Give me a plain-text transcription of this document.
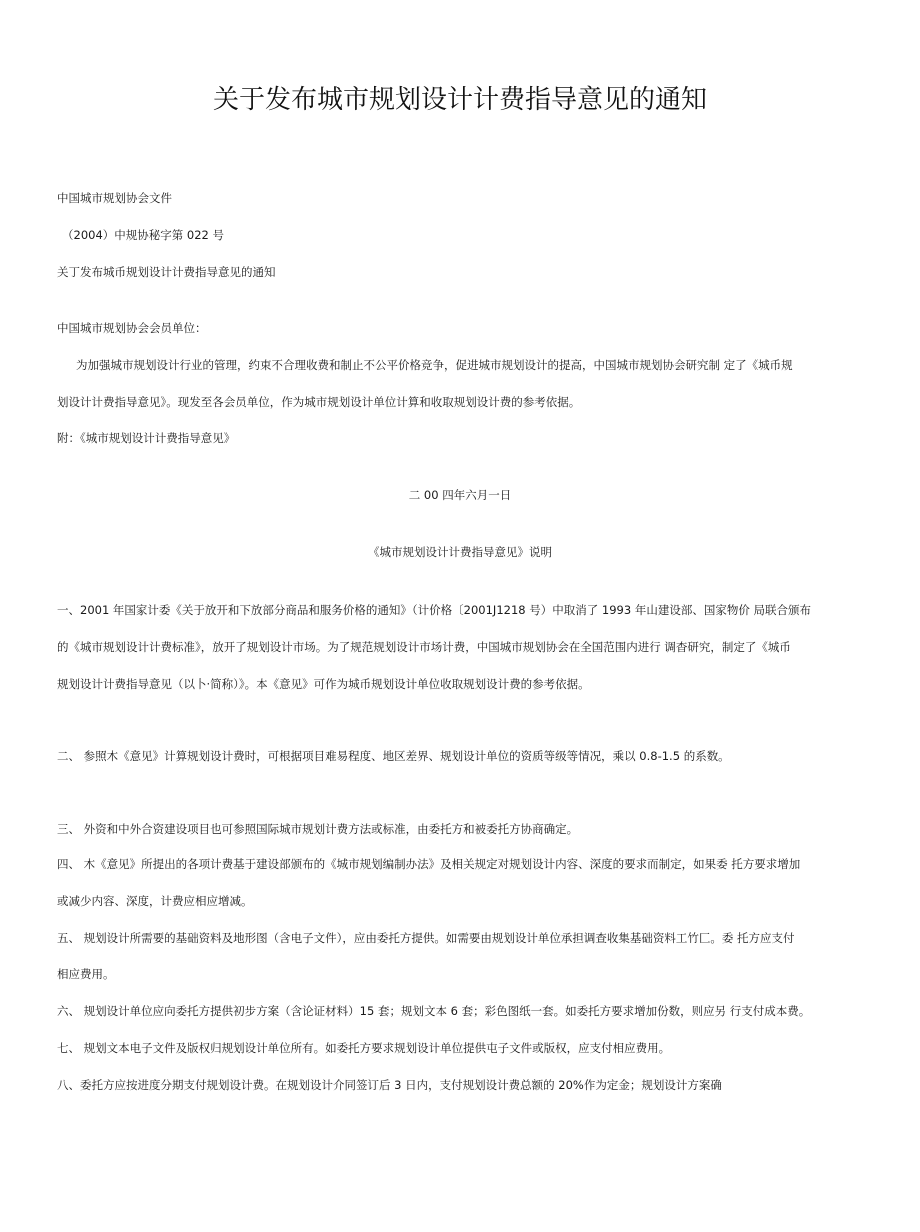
关于发布城市规划设计计费指导意见的通知
中国城市规划协会文件
（2004）中规协秘字第 022 号
关丁发布城币规划设计计费指导意见的通知
中国城市规划协会会员单位：
为加强城市规划设计行业的管理，约束不合理收费和制止不公平价格竞争，促进城市规划设计的提高，中国城市规划协会研究制 定了《城币规
划设计计费指导意见》。现发至各会员单位，作为城市规划设计单位计算和收取规划设计费的参考依据。
附：《城市规划设计计费指导意见》
二 00 四年六月一日
《城市规划设计计费指导意见》说明
一、2001 年国家计委《关于放开和下放部分商品和服务价格的通知》（计价格〔2001J1218 号）中取消了 1993 年山建设部、国家物价 局联合颁布
的《城市规划设计计费标准》，放开了规划设计市场。为了规范规划设计市场计费，中国城市规划协会在全国范围内进行 调杳研究，制定了《城币
规划设计计费指导意见（以卜·简称）》。本《意见》可作为城币规划设计单位收取规划设计费的参考依据。
二、 参照木《意见》计算规划设计费时，可根据项目难易程度、地区差界、规划设计单位的资质等级等情况，乘以 0.8-1.5 的系数。
三、 外资和中外合资建设项目也可参照国际城市规划计费方法或标准，由委托方和被委托方协商确定。
四、 木《意见》所提出的各项计费基于建设部颁布的《城市规划编制办法》及相关规定对规划设计内容、深度的要求而制定，如果委 托方要求增加
或减少内容、深度，计费应相应增减。
五、 规划设计所需要的基础资料及地形图（含电子文件），应由委托方提供。如需要由规划设计单位承担调查收集基础资料工竹匚。委 托方应支付
相应费用。
六、 规划设计单位应向委托方提供初步方案（含论证材料）15 套；规划文本 6 套；彩色图纸一套。如委托方要求增加份数，则应另 行支付成本费。
七、 规划文本电子文件及版权归规划设计单位所有。如委托方要求规划设计单位提供屯子文件或版权，应支付相应费用。
八、委托方应按进度分期支付规划设计费。在规划设计介同签订后 3 日内，支付规划设计费总额的 20%作为定金；规划设计方案确
